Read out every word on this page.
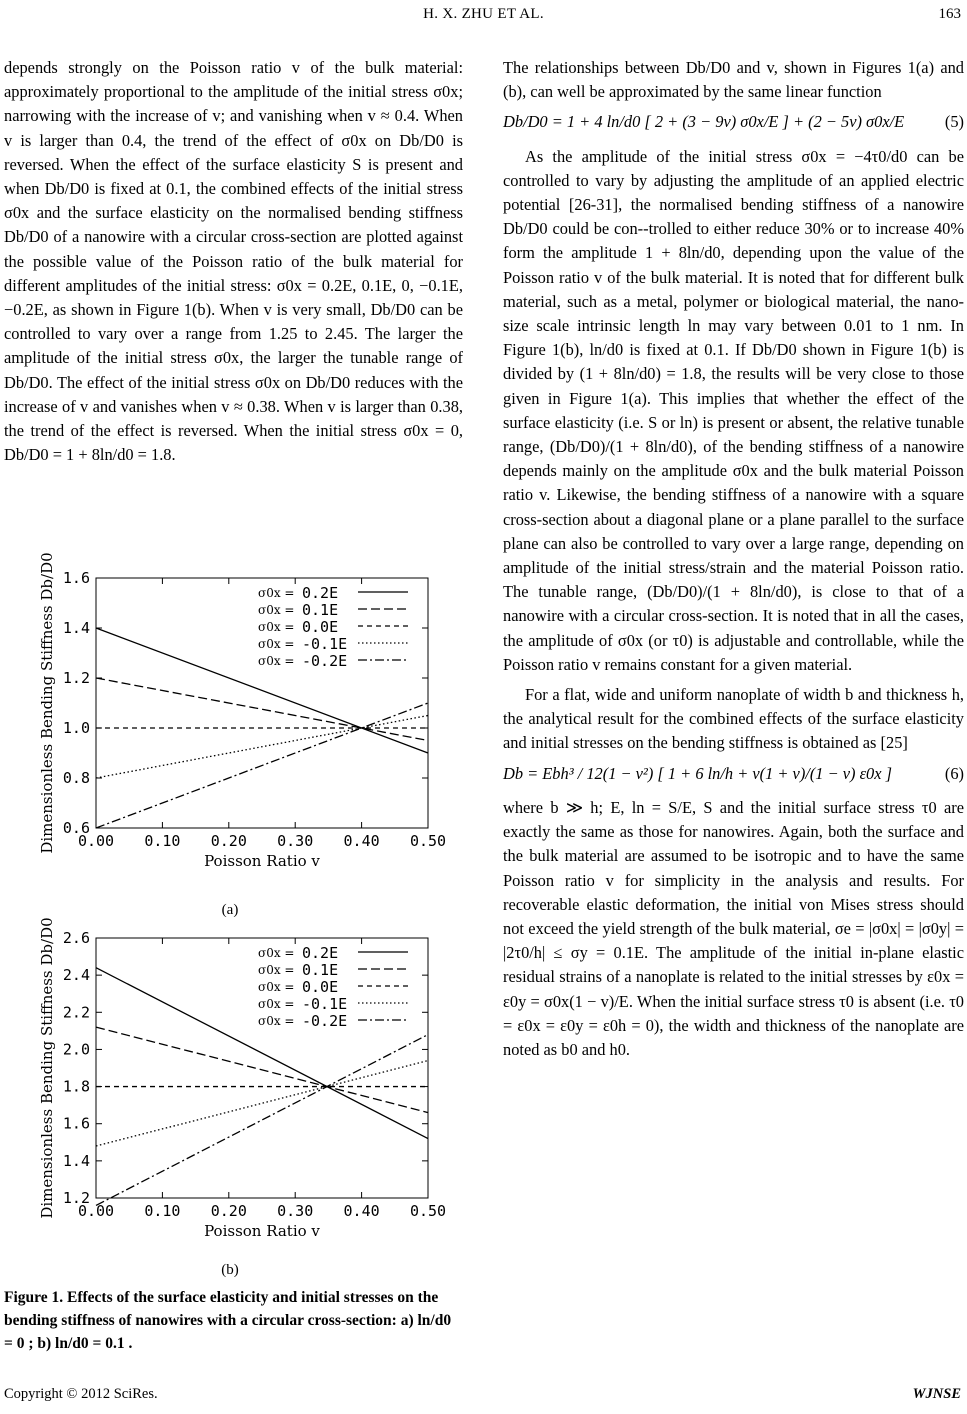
H. X. ZHU ET AL.	163

depends strongly on the Poisson ratio v of the bulk material: approximately proportional to the amplitude of the initial stress σ0x; narrowing with the increase of v; and vanishing when v ≈ 0.4. When v is larger than 0.4, the trend of the effect of σ0x on Db/D0 is reversed. When the effect of the surface elasticity S is present and when Db/D0 is fixed at 0.1, the combined effects of the initial stress σ0x and the surface elasticity on the normalised bending stiffness Db/D0 of a nanowire with a circular cross-section are plotted against the possible value of the Poisson ratio of the bulk material for different amplitudes of the initial stress: σ0x = 0.2E, 0.1E, 0, −0.1E, −0.2E, as shown in Figure 1(b). When v is very small, Db/D0 can be controlled to vary over a range from 1.25 to 2.45. The larger the amplitude of the initial stress σ0x, the larger the tunable range of Db/D0. The effect of the initial stress σ0x on Db/D0 reduces with the increase of v and vanishes when v ≈ 0.38. When v is larger than 0.38, the trend of the effect is reversed. When the initial stress σ0x = 0, Db/D0 = 1 + 8ln/d0 = 1.8.

The relationships between Db/D0 and v, shown in Figures 1(a) and (b), can well be approximated by the same linear function

Db/D0 = 1 + 4 ln/d0 [ 2 + (3 − 9v) σ0x/E ] + (2 − 5v) σ0x/E (5)

As the amplitude of the initial stress σ0x = −4τ0/d0 can be controlled to vary by adjusting the amplitude of an applied electric potential [26-31], the normalised bending stiffness of a nanowire Db/D0 could be con--trolled to either reduce 30% or to increase 40% form the amplitude 1 + 8ln/d0, depending upon the value of the Poisson ratio v of the bulk material. It is noted that for different bulk material, such as a metal, polymer or biological material, the nano-size scale intrinsic length ln may vary between 0.01 to 1 nm. In Figure 1(b), ln/d0 is fixed at 0.1. If Db/D0 shown in Figure 1(b) is divided by (1 + 8ln/d0) = 1.8, the results will be very close to those given in Figure 1(a). This implies that whether the effect of the surface elasticity (i.e. S or ln) is present or absent, the relative tunable range, (Db/D0)/(1 + 8ln/d0), of the bending stiffness of a nanowire depends mainly on the amplitude σ0x and the bulk material Poisson ratio v. Likewise, the bending stiffness of a nanowire with a square cross-section about a diagonal plane or a plane parallel to the surface plane can also be controlled to vary over a large range, depending on amplitude of the initial stress/strain and the material Poisson ratio. The tunable range, (Db/D0)/(1 + 8ln/d0), is close to that of a nanowire with a circular cross-section. It is noted that in all the cases, the amplitude of σ0x (or τ0) is adjustable and controllable, while the Poisson ratio v remains constant for a given material.

For a flat, wide and uniform nanoplate of width b and thickness h, the analytical result for the combined effects of the surface elasticity and initial stresses on the bending stiffness is obtained as [25]

Db = Ebh³ / 12(1 − v²) [ 1 + 6 ln/h + v(1 + v)/(1 − v) ε0x ]	(6)

where b ≫ h; E, ln = S/E, S and the initial surface stress τ0 are exactly the same as those for nanowires. Again, both the surface and the bulk material are assumed to be isotropic and to have the same Poisson ratio v for simplicity in the analysis and results. For recoverable elastic deformation, the initial von Mises stress should not exceed the yield strength of the bulk material, σe = |σ0x| = |σ0y| = |2τ0/h| ≤ σy = 0.1E. The amplitude of the initial in-plane elastic residual strains of a nanoplate is related to the initial stresses by ε0x = ε0y = σ0x(1 − v)/E. When the initial surface stress τ0 is absent (i.e. τ0 = ε0x = ε0y = ε0h = 0), the width and thickness of the nanoplate are noted as b0 and h0.

0.6
0.8
1.0
1.2
1.4
1.6
0.00 0.10 0.20 0.30 0.40 0.50
Poisson Ratio v
Dimensionless Bending Stiffness Db/D0	σ0x = 0.2E
σ0x = 0.1E
σ0x = 0.0E
σ0x = -0.1E
σ0x = -0.2E
(a)
1.2
1.4
1.6
1.8
2.0
2.2
2.4
2.6
0.00 0.10 0.20 0.30 0.40 0.50
Poisson Ratio v
Dimensionless Bending Stiffness Db/D0	σ0x = 0.2E
σ0x = 0.1E
σ0x = 0.0E
σ0x = -0.1E
σ0x = -0.2E
(b)
Figure 1. Effects of the surface elasticity and initial stresses on the bending stiffness of nanowires with a circular cross-section: a) ln/d0 = 0 ; b) ln/d0 = 0.1 .
Copyright © 2012 SciRes.	WJNSE
